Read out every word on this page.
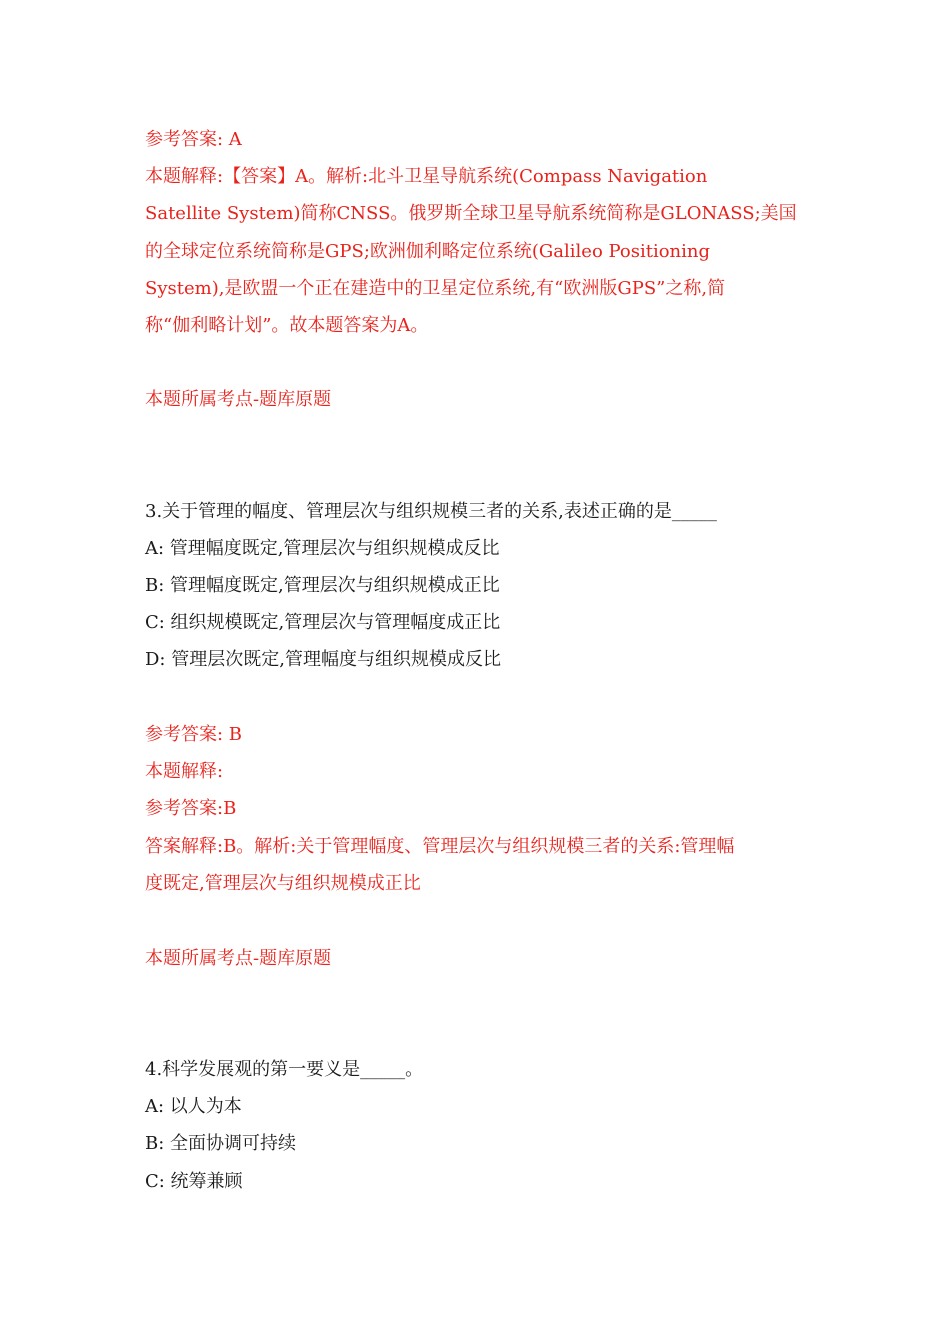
参考答案: A
本题解释:【答案】A。解析:北斗卫星导航系统(Compass Navigation
Satellite System)简称CNSS。俄罗斯全球卫星导航系统简称是GLONASS;美国
的全球定位系统简称是GPS;欧洲伽利略定位系统(Galileo Positioning
System),是欧盟一个正在建造中的卫星定位系统,有“欧洲版GPS”之称,简
称“伽利略计划”。故本题答案为A。
本题所属考点-题库原题
3.关于管理的幅度、管理层次与组织规模三者的关系,表述正确的是_____
A: 管理幅度既定,管理层次与组织规模成反比
B: 管理幅度既定,管理层次与组织规模成正比
C: 组织规模既定,管理层次与管理幅度成正比
D: 管理层次既定,管理幅度与组织规模成反比
参考答案: B
本题解释:
参考答案:B
答案解释:B。解析:关于管理幅度、管理层次与组织规模三者的关系:管理幅
度既定,管理层次与组织规模成正比
本题所属考点-题库原题
4.科学发展观的第一要义是_____。
A: 以人为本
B: 全面协调可持续
C: 统筹兼顾
